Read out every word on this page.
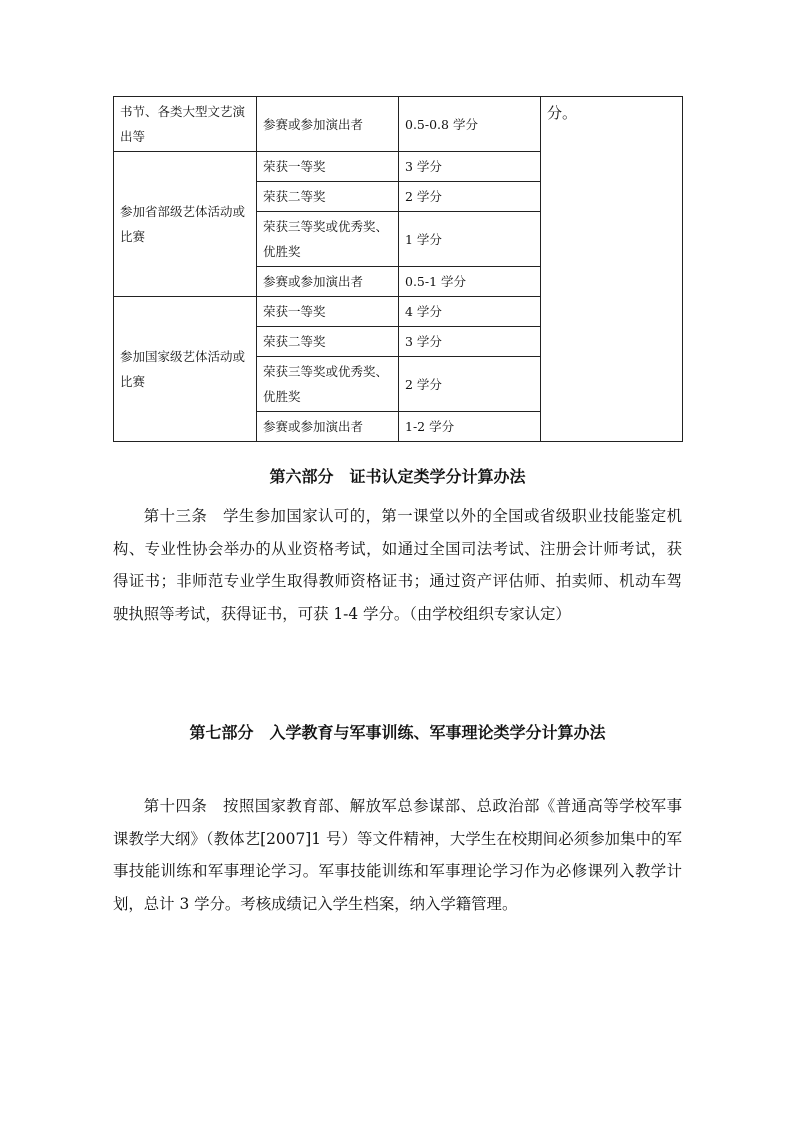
书节、各类大型文艺演出等	参赛或参加演出者	0.5-0.8 学分	分。
参加省部级艺体活动或比赛	荣获一等奖	3 学分	
	荣获二等奖	2 学分	
	荣获三等奖或优秀奖、优胜奖	1 学分	
	参赛或参加演出者	0.5-1 学分	
参加国家级艺体活动或比赛	荣获一等奖	4 学分	
	荣获二等奖	3 学分	
	荣获三等奖或优秀奖、优胜奖	2 学分	
	参赛或参加演出者	1-2 学分	
第六部分　证书认定类学分计算办法

第十三条　学生参加国家认可的，第一课堂以外的全国或省级职业技能鉴定机构、专业性协会举办的从业资格考试，如通过全国司法考试、注册会计师考试，获得证书；非师范专业学生取得教师资格证书；通过资产评估师、拍卖师、机动车驾驶执照等考试，获得证书，可获 1-4 学分。（由学校组织专家认定）

第七部分　入学教育与军事训练、军事理论类学分计算办法

第十四条　按照国家教育部、解放军总参谋部、总政治部《普通高等学校军事课教学大纲》（教体艺[2007]1 号）等文件精神，大学生在校期间必须参加集中的军事技能训练和军事理论学习。军事技能训练和军事理论学习作为必修课列入教学计划，总计 3 学分。考核成绩记入学生档案，纳入学籍管理。
